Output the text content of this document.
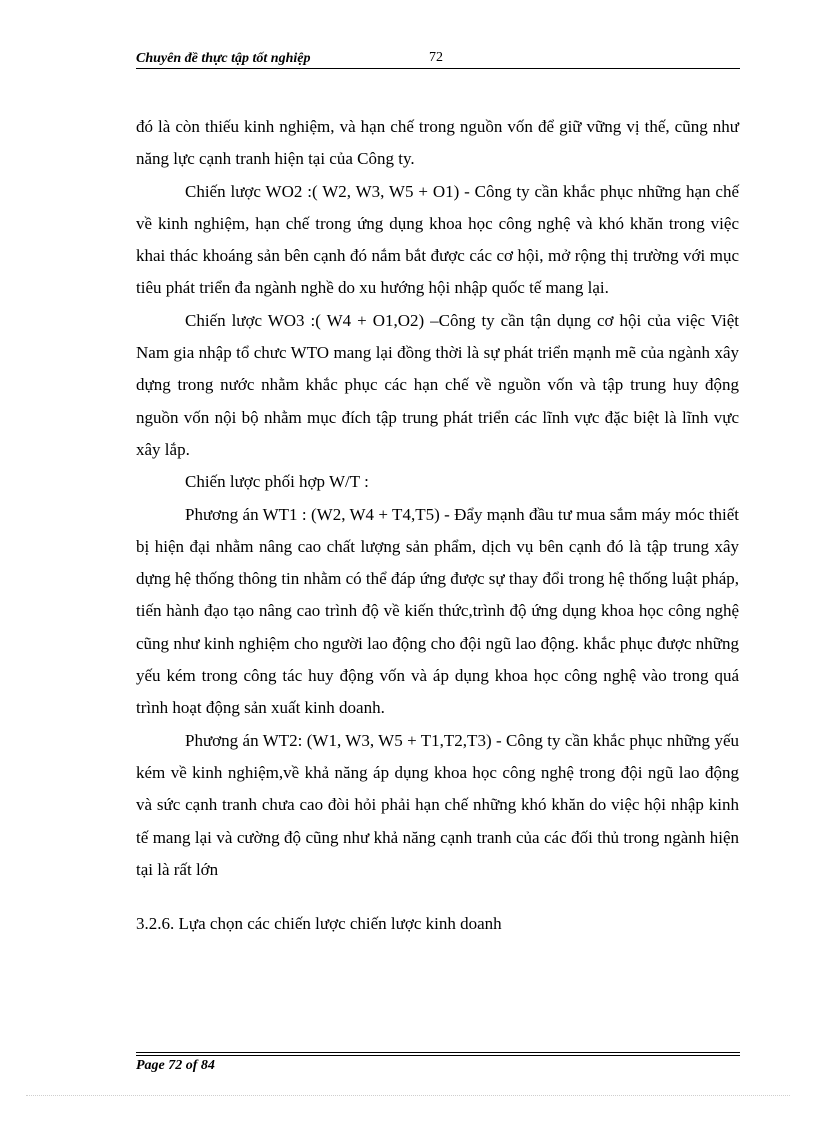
Chuyên đề thực tập tốt nghiệp	72

đó là còn thiếu kinh nghiệm, và hạn chế trong nguồn vốn để giữ vững vị thế, cũng như năng lực cạnh tranh hiện tại của Công ty.

Chiến lược WO2 :( W2, W3, W5 + O1) - Công ty cần khắc phục những hạn chế về kinh nghiệm, hạn chế trong ứng dụng khoa học công nghệ và khó khăn trong việc khai thác khoáng sản bên cạnh đó nắm bắt được các cơ hội, mở rộng thị trường với mục tiêu phát triển đa ngành nghề do xu hướng hội nhập quốc tế mang lại.

Chiến lược WO3 :( W4 + O1,O2) –Công ty cần tận dụng cơ hội của việc Việt Nam gia nhập tổ chưc WTO mang lại đồng thời là sự phát triển mạnh mẽ của ngành xây dựng trong nước nhằm khắc phục các hạn chế về nguồn vốn và tập trung huy động nguồn vốn nội bộ nhằm mục đích tập trung phát triển các lĩnh vực đặc biệt là lĩnh vực xây lắp.

Chiến lược phối hợp W/T :

Phương án WT1 : (W2, W4 + T4,T5) - Đẩy mạnh đầu tư mua sắm máy móc thiết bị hiện đại nhằm nâng cao chất lượng sản phẩm, dịch vụ bên cạnh đó là tập trung xây dựng hệ thống thông tin nhằm có thể đáp ứng được sự thay đổi trong hệ thống luật pháp, tiến hành đạo tạo nâng cao trình độ về kiến thức,trình độ ứng dụng khoa học công nghệ cũng như kinh nghiệm cho người lao động cho đội ngũ lao động. khắc phục được những yếu kém trong công tác huy động vốn và áp dụng khoa học công nghệ vào trong quá trình hoạt động sản xuất kinh doanh.

Phương án WT2: (W1, W3, W5 + T1,T2,T3) - Công ty cần khắc phục những yếu kém về kinh nghiệm,về khả năng áp dụng khoa học công nghệ trong đội ngũ lao động và sức cạnh tranh chưa cao đòi hỏi phải hạn chế những khó khăn do việc hội nhập kinh tế mang lại và cường độ cũng như khả năng cạnh tranh của các đối thủ trong ngành hiện tại là rất lớn

3.2.6. Lựa chọn các chiến lược chiến lược kinh doanh

Page 72 of 84
